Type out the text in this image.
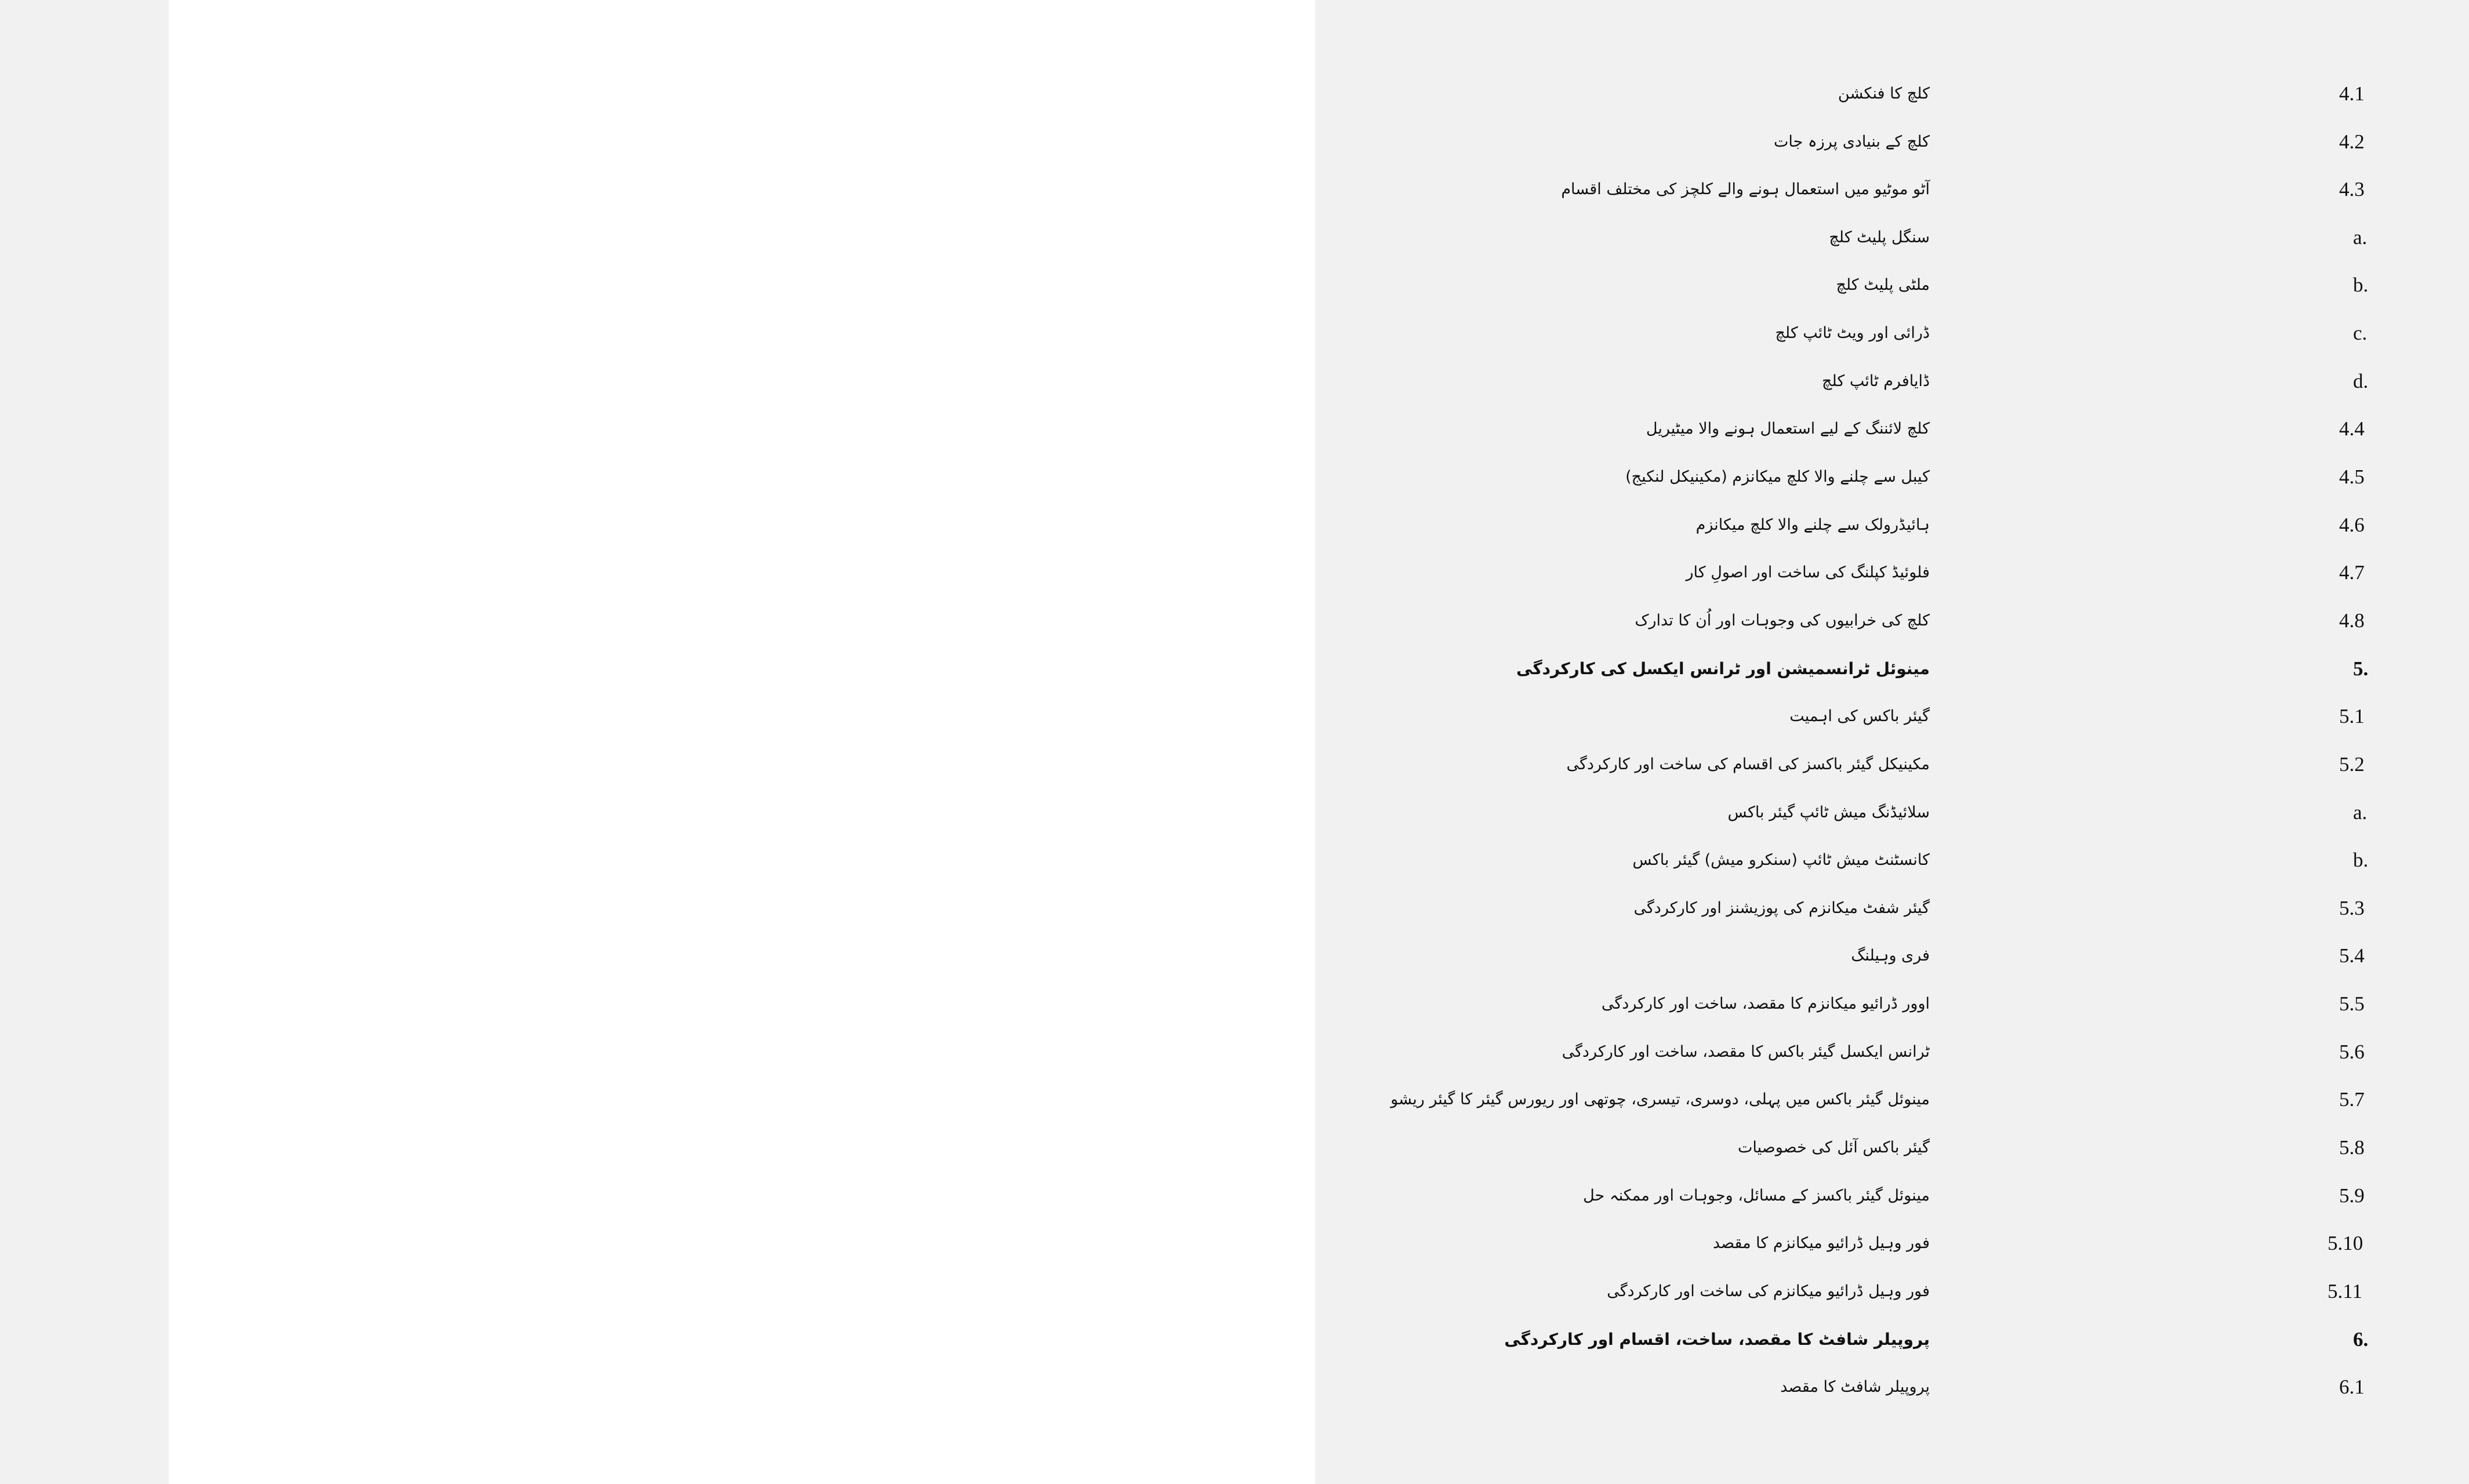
کلچ کا فنکشن	4.1
کلچ کے بنیادی پرزہ جات	4.2
آٹو موٹیو میں استعمال ہونے والے کلچز کی مختلف اقسام	4.3
سنگل پلیٹ کلچ	a.
ملٹی پلیٹ کلچ	b.
ڈرائی اور ویٹ ٹائپ کلچ	c.
ڈایافرم ٹائپ کلچ	d.
کلچ لائننگ کے لیے استعمال ہونے والا میٹیریل	4.4
کیبل سے چلنے والا کلچ میکانزم (مکینیکل لنکیج)	4.5
ہائیڈرولک سے چلنے والا کلچ میکانزم	4.6
فلوئیڈ کپلنگ کی ساخت اور اصولِ کار	4.7
کلچ کی خرابیوں کی وجوہات اور اُن کا تدارک	4.8
مینوئل ٹرانسمیشن اور ٹرانس ایکسل کی کارکردگی	5.
گیئر باکس کی اہمیت	5.1
مکینیکل گیئر باکسز کی اقسام کی ساخت اور کارکردگی	5.2
سلائیڈنگ میش ٹائپ گیئر باکس	a.
کانسٹنٹ میش ٹائپ (سنکرو میش) گیئر باکس	b.
گیئر شفٹ میکانزم کی پوزیشنز اور کارکردگی	5.3
فری وہیلنگ	5.4
اوور ڈرائیو میکانزم کا مقصد، ساخت اور کارکردگی	5.5
ٹرانس ایکسل گیئر باکس کا مقصد، ساخت اور کارکردگی	5.6
مینوئل گیئر باکس میں پہلی، دوسری، تیسری، چوتھی اور ریورس گیئر کا گیئر ریشو	5.7
گیئر باکس آئل کی خصوصیات	5.8
مینوئل گیئر باکسز کے مسائل، وجوہات اور ممکنہ حل	5.9
فور وہیل ڈرائیو میکانزم کا مقصد	5.10
فور وہیل ڈرائیو میکانزم کی ساخت اور کارکردگی	5.11
پروپیلر شافٹ کا مقصد، ساخت، اقسام اور کارکردگی	6.
پروپیلر شافٹ کا مقصد	6.1
